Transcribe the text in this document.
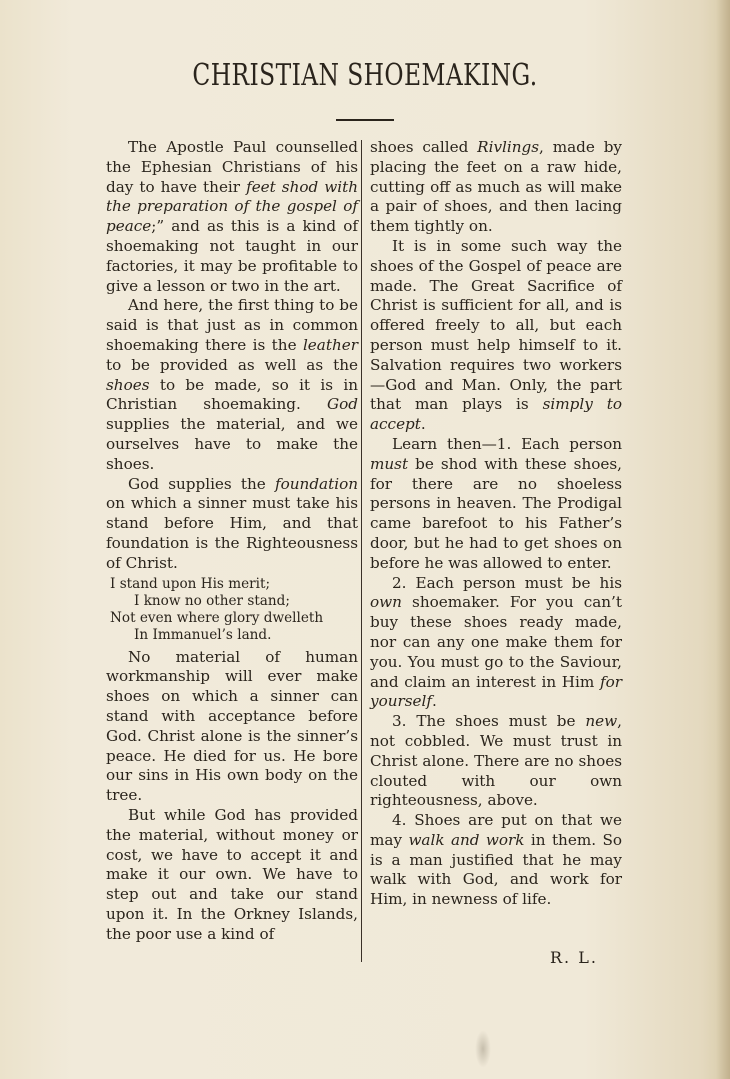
CHRISTIAN SHOEMAKING.

The Apostle Paul counselled the Ephesian Christians of his day to have their feet shod with the preparation of the gospel of peace;” and as this is a kind of shoemaking not taught in our factories, it may be profitable to give a lesson or two in the art.

And here, the first thing to be said is that just as in common shoemaking there is the leather to be provided as well as the shoes to be made, so it is in Christian shoemaking. God supplies the material, and we ourselves have to make the shoes.

God supplies the foundation on which a sinner must take his stand before Him, and that foundation is the Righteousness of Christ.

I stand upon His merit;
I know no other stand;
Not even where glory dwelleth
In Immanuel’s land.

No material of human workmanship will ever make shoes on which a sinner can stand with acceptance before God. Christ alone is the sinner’s peace. He died for us. He bore our sins in His own body on the tree.

But while God has provided the material, without money or cost, we have to accept it and make it our own. We have to step out and take our stand upon it. In the Orkney Islands, the poor use a kind of

shoes called Rivlings, made by placing the feet on a raw hide, cutting off as much as will make a pair of shoes, and then lacing them tightly on.

It is in some such way the shoes of the Gospel of peace are made. The Great Sacrifice of Christ is sufficient for all, and is offered freely to all, but each person must help himself to it. Salvation requires two workers—God and Man. Only, the part that man plays is simply to accept.

Learn then—1. Each person must be shod with these shoes, for there are no shoeless persons in heaven. The Prodigal came barefoot to his Father’s door, but he had to get shoes on before he was allowed to enter.

2. Each person must be his own shoemaker. For you can’t buy these shoes ready made, nor can any one make them for you. You must go to the Saviour, and claim an interest in Him for yourself.

3. The shoes must be new, not cobbled. We must trust in Christ alone. There are no shoes clouted with our own righteousness, above.

4. Shoes are put on that we may walk and work in them. So is a man justified that he may walk with God, and work for Him, in newness of life.

R. L.
